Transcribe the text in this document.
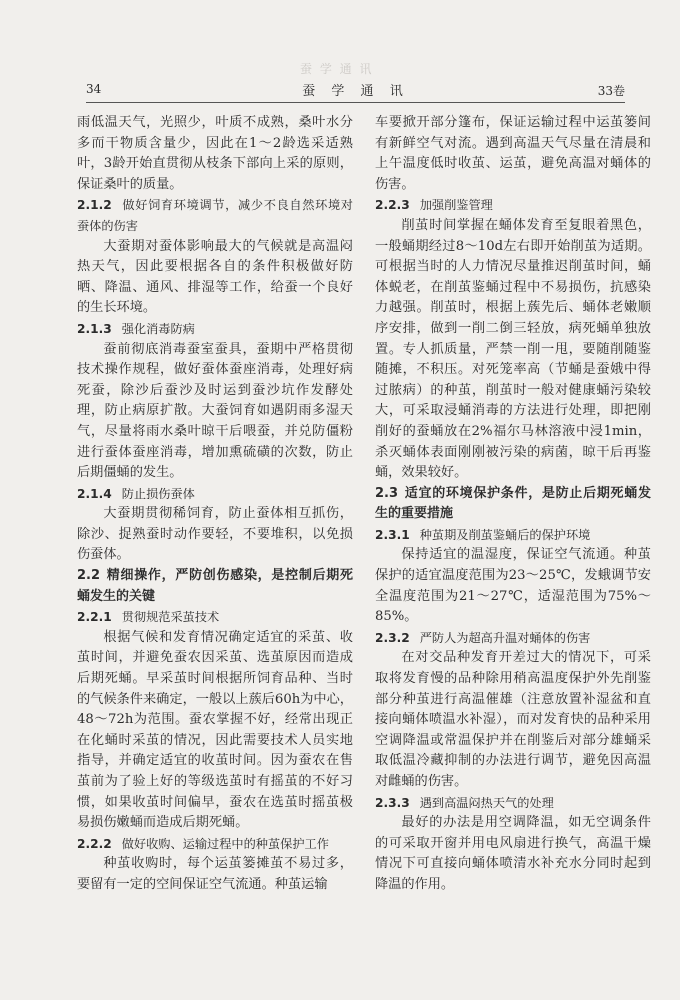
蚕 学 通 讯
34	蚕 学 通 讯	33卷

雨低温天气，光照少，叶质不成熟，桑叶水分多而干物质含量少，因此在1～2龄选采适熟叶，3龄开始直贯彻从枝条下部向上采的原则，保证桑叶的质量。

2.1.2 做好饲育环境调节，减少不良自然环境对蚕体的伤害

大蚕期对蚕体影响最大的气候就是高温闷热天气，因此要根据各自的条件积极做好防晒、降温、通风、排湿等工作，给蚕一个良好的生长环境。

2.1.3 强化消毒防病

蚕前彻底消毒蚕室蚕具，蚕期中严格贯彻技术操作规程，做好蚕体蚕座消毒，处理好病死蚕，除沙后蚕沙及时运到蚕沙坑作发酵处理，防止病原扩散。大蚕饲育如遇阴雨多湿天气，尽量将雨水桑叶晾干后喂蚕，并兑防僵粉进行蚕体蚕座消毒，增加熏硫磺的次数，防止后期僵蛹的发生。

2.1.4 防止损伤蚕体

大蚕期贯彻稀饲育，防止蚕体相互抓伤，除沙、捉熟蚕时动作要轻，不要堆积，以免损伤蚕体。

2.2 精细操作，严防创伤感染，是控制后期死蛹发生的关键
2.2.1 贯彻规范采茧技术

根据气候和发育情况确定适宜的采茧、收茧时间，并避免蚕农因采茧、选茧原因而造成后期死蛹。早采茧时间根据所饲育品种、当时的气候条件来确定，一般以上蔟后60h为中心，48～72h为范围。蚕农掌握不好，经常出现正在化蛹时采茧的情况，因此需要技术人员实地指导，并确定适宜的收茧时间。因为蚕农在售茧前为了验上好的等级选茧时有摇茧的不好习惯，如果收茧时间偏早，蚕农在选茧时摇茧极易损伤嫩蛹而造成后期死蛹。

2.2.2 做好收购、运输过程中的种茧保护工作

种茧收购时，每个运茧篓摊茧不易过多，要留有一定的空间保证空气流通。种茧运输

车要掀开部分篷布，保证运输过程中运茧篓间有新鲜空气对流。遇到高温天气尽量在清晨和上午温度低时收茧、运茧，避免高温对蛹体的伤害。

2.2.3 加强削鉴管理

削茧时间掌握在蛹体发育至复眼着黑色，一般蛹期经过8～10d左右即开始削茧为适期。可根据当时的人力情况尽量推迟削茧时间，蛹体蜕老，在削茧鉴蛹过程中不易损伤，抗感染力越强。削茧时，根据上蔟先后、蛹体老嫩顺序安排，做到一削二倒三轻放，病死蛹单独放置。专人抓质量，严禁一削一甩，要随削随鉴随摊，不积压。对死笼率高（节蛹是蚕娥中得过脓病）的种茧，削茧时一般对健康蛹污染较大，可采取浸蛹消毒的方法进行处理，即把刚削好的蚕蛹放在2%福尔马林溶液中浸1min，杀灭蛹体表面刚刚被污染的病菌，晾干后再鉴蛹，效果较好。

2.3 适宜的环境保护条件，是防止后期死蛹发生的重要措施
2.3.1 种茧期及削茧鉴蛹后的保护环境

保持适宜的温湿度，保证空气流通。种茧保护的适宜温度范围为23～25℃，发蛾调节安全温度范围为21～27℃，适湿范围为75%～85%。

2.3.2 严防人为超高升温对蛹体的伤害

在对交品种发育开差过大的情况下，可采取将发育慢的品种除用稍高温度保护外先削鉴部分种茧进行高温催雄（注意放置补湿盆和直接向蛹体喷温水补湿），而对发育快的品种采用空调降温或常温保护并在削鉴后对部分雄蛹采取低温冷藏抑制的办法进行调节，避免因高温对雌蛹的伤害。

2.3.3 遇到高温闷热天气的处理

最好的办法是用空调降温，如无空调条件的可采取开窗并用电风扇进行换气，高温干燥情况下可直接向蛹体喷清水补充水分同时起到降温的作用。
